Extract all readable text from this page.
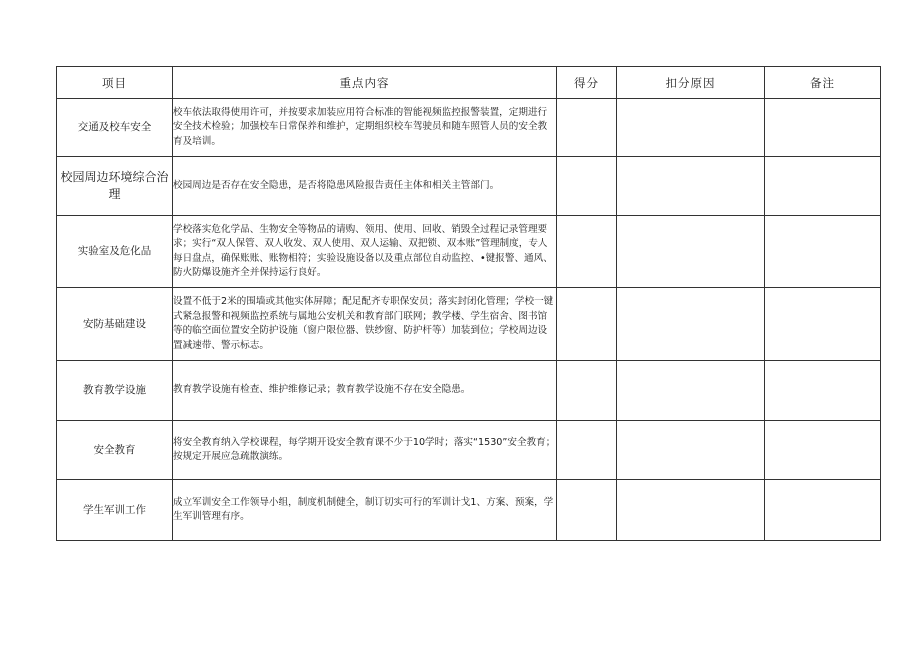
项目	重点内容	得分	扣分原因	备注
交通及校车安全	校车依法取得使用许可，并按要求加装应用符合标准的智能视频监控报警装置，定期进行安全技术检验；加强校车日常保养和维护，定期组织校车驾驶员和随车照管人员的安全教育及培训。			
校园周边环境综合治理	校园周边是否存在安全隐患，是否将隐患风险报告责任主体和相关主管部门。			
实验室及危化品	学校落实危化学品、生物安全等物品的请购、领用、使用、回收、销毁全过程记录管理要求；实行“双人保管、双人收发、双人使用、双人运输、双把锁、双本账”管理制度，专人每日盘点，确保账账、账物相符；实验设施设备以及重点部位自动监控、•键报警、通风、防火防爆设施齐全并保持运行良好。			
安防基础建设	设置不低于2米的围墙或其他实体屏障；配足配齐专职保安员；落实封闭化管理；学校一键式紧急报警和视频监控系统与属地公安机关和教育部门联网；教学楼、学生宿舍、图书馆等的临空面位置安全防护设施（窗户限位器、铁纱窗、防护杆等）加装到位；学校周边设置减速带、警示标志。			
教育教学设施	教育教学设施有检查、维护维修记录；教育教学设施不存在安全隐患。			
安全教育	将安全教育纳入学校课程，每学期开设安全教育课不少于10学时；落实“1530”安全教育；按规定开展应急疏散演练。			
学生军训工作	成立军训安全工作领导小组，制度机制健全，制订切实可行的军训计戈1、方案、预案，学生军训管理有序。			
